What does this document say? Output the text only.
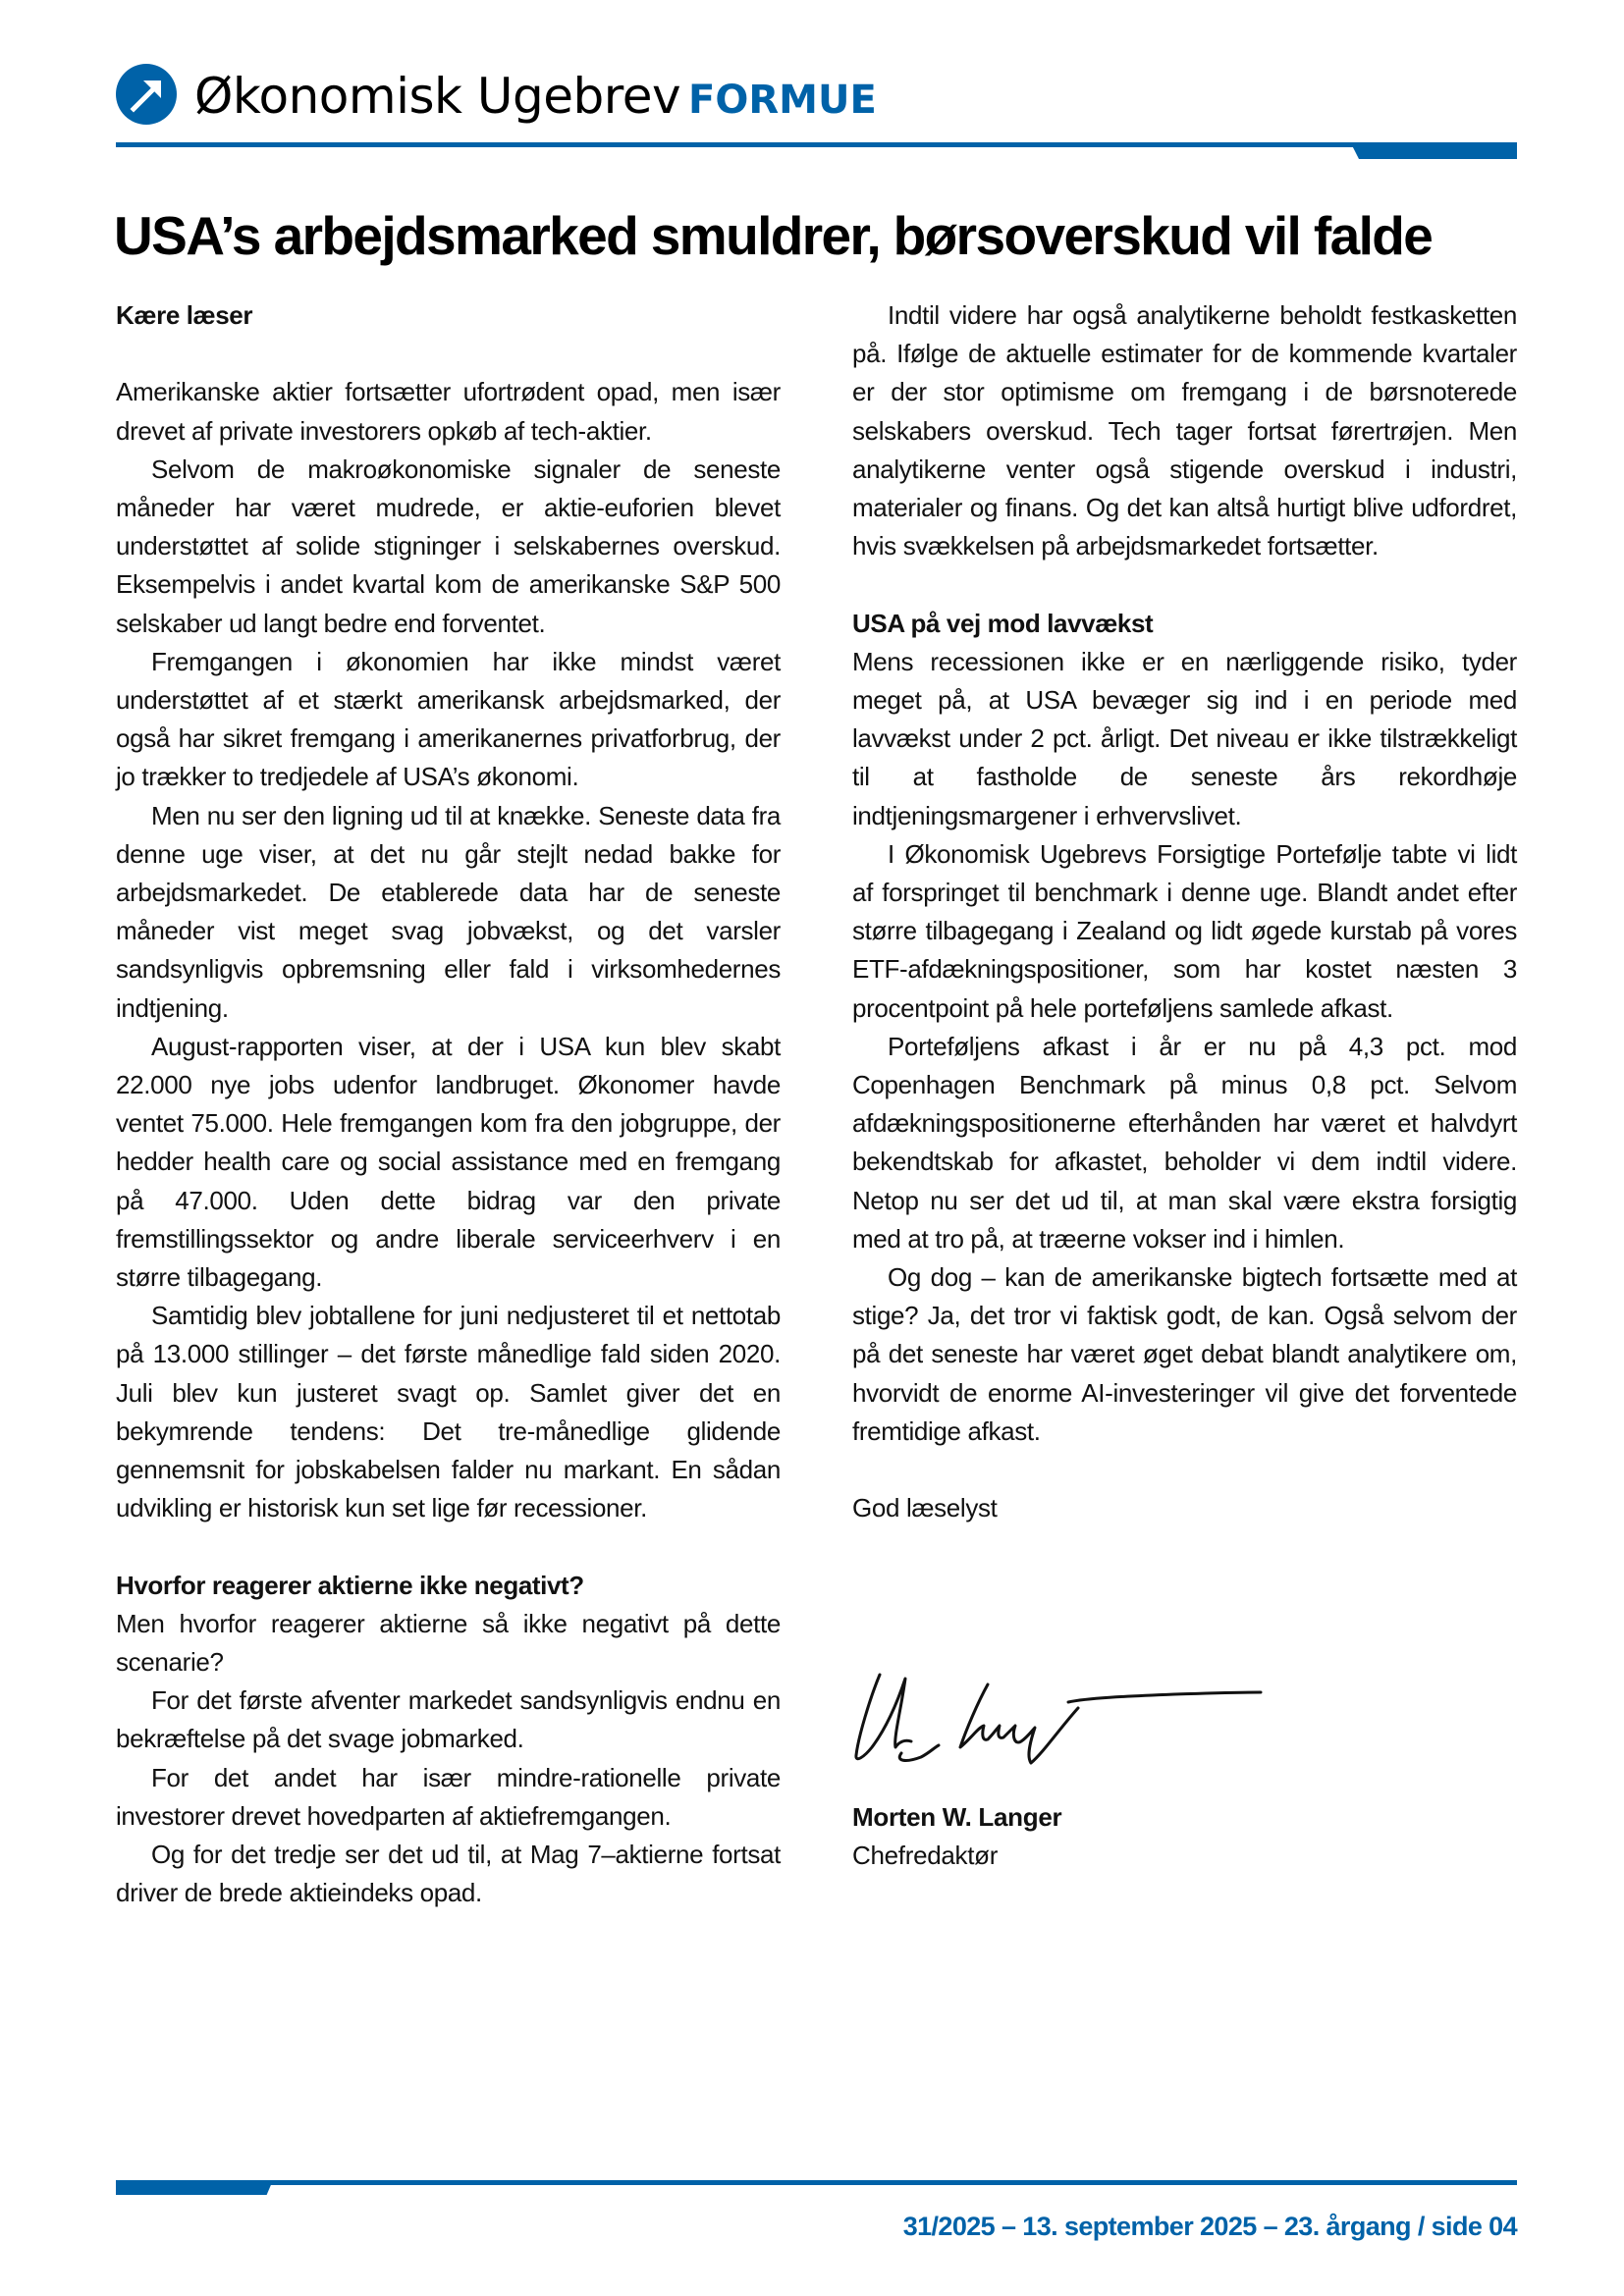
Økonomisk Ugebrev FORMUE
USA’s arbejdsmarked smuldrer, børsoverskud vil falde
Kære læser

Amerikanske aktier fortsætter ufortrødent opad, men især drevet af private investorers opkøb af tech-aktier.

Selvom de makroøkonomiske signaler de seneste måneder har været mudrede, er aktie-euforien blevet understøttet af solide stigninger i selskabernes overskud. Eksempelvis i andet kvartal kom de amerikanske S&P 500 selskaber ud langt bedre end forventet.

Fremgangen i økonomien har ikke mindst været understøttet af et stærkt amerikansk arbejdsmarked, der også har sikret fremgang i amerikanernes privatforbrug, der jo trækker to tredjedele af USA’s økonomi.

Men nu ser den ligning ud til at knække. Seneste data fra denne uge viser, at det nu går stejlt nedad bakke for arbejdsmarkedet. De etablerede data har de seneste måneder vist meget svag jobvækst, og det varsler sandsynligvis opbremsning eller fald i virksomhedernes indtjening.

August-rapporten viser, at der i USA kun blev skabt 22.000 nye jobs udenfor landbruget. Økonomer havde ventet 75.000. Hele fremgangen kom fra den jobgruppe, der hedder health care og social assistance med en fremgang på 47.000. Uden dette bidrag var den private fremstillingssektor og andre liberale serviceerhverv i en større tilbagegang.

Samtidig blev jobtallene for juni nedjusteret til et nettotab på 13.000 stillinger – det første månedlige fald siden 2020. Juli blev kun justeret svagt op. Samlet giver det en bekymrende tendens: Det tre-månedlige glidende gennemsnit for jobskabelsen falder nu markant. En sådan udvikling er historisk kun set lige før recessioner.

Hvorfor reagerer aktierne ikke negativt?

Men hvorfor reagerer aktierne så ikke negativt på dette scenarie?

For det første afventer markedet sandsynligvis endnu en bekræftelse på det svage jobmarked.

For det andet har især mindre-rationelle private investorer drevet hovedparten af aktiefremgangen.

Og for det tredje ser det ud til, at Mag 7–aktierne fortsat driver de brede aktieindeks opad.

Indtil videre har også analytikerne beholdt festkasketten på. Ifølge de aktuelle estimater for de kommende kvartaler er der stor optimisme om fremgang i de børsnoterede selskabers overskud. Tech tager fortsat førertrøjen. Men analytikerne venter også stigende overskud i industri, materialer og finans. Og det kan altså hurtigt blive udfordret, hvis svækkelsen på arbejdsmarkedet fortsætter.

USA på vej mod lavvækst

Mens recessionen ikke er en nærliggende risiko, tyder meget på, at USA bevæger sig ind i en periode med lavvækst under 2 pct. årligt. Det niveau er ikke tilstrækkeligt til at fastholde de seneste års rekordhøje indtjeningsmargener i erhvervslivet.

I Økonomisk Ugebrevs Forsigtige Portefølje tabte vi lidt af forspringet til benchmark i denne uge. Blandt andet efter større tilbagegang i Zealand og lidt øgede kurstab på vores ETF-afdækningspositioner, som har kostet næsten 3 procentpoint på hele porteføljens samlede afkast.

Porteføljens afkast i år er nu på 4,3 pct. mod Copenhagen Benchmark på minus 0,8 pct. Selvom afdækningspositionerne efterhånden har været et halvdyrt bekendtskab for afkastet, beholder vi dem indtil videre. Netop nu ser det ud til, at man skal være ekstra forsigtig med at tro på, at træerne vokser ind i himlen.

Og dog – kan de amerikanske bigtech fortsætte med at stige? Ja, det tror vi faktisk godt, de kan. Også selvom der på det seneste har været øget debat blandt analytikere om, hvorvidt de enorme AI-investeringer vil give det forventede fremtidige afkast.

God læselyst

Morten W. Langer
Chefredaktør
31/2025 – 13. september 2025 – 23. årgang / side 04
